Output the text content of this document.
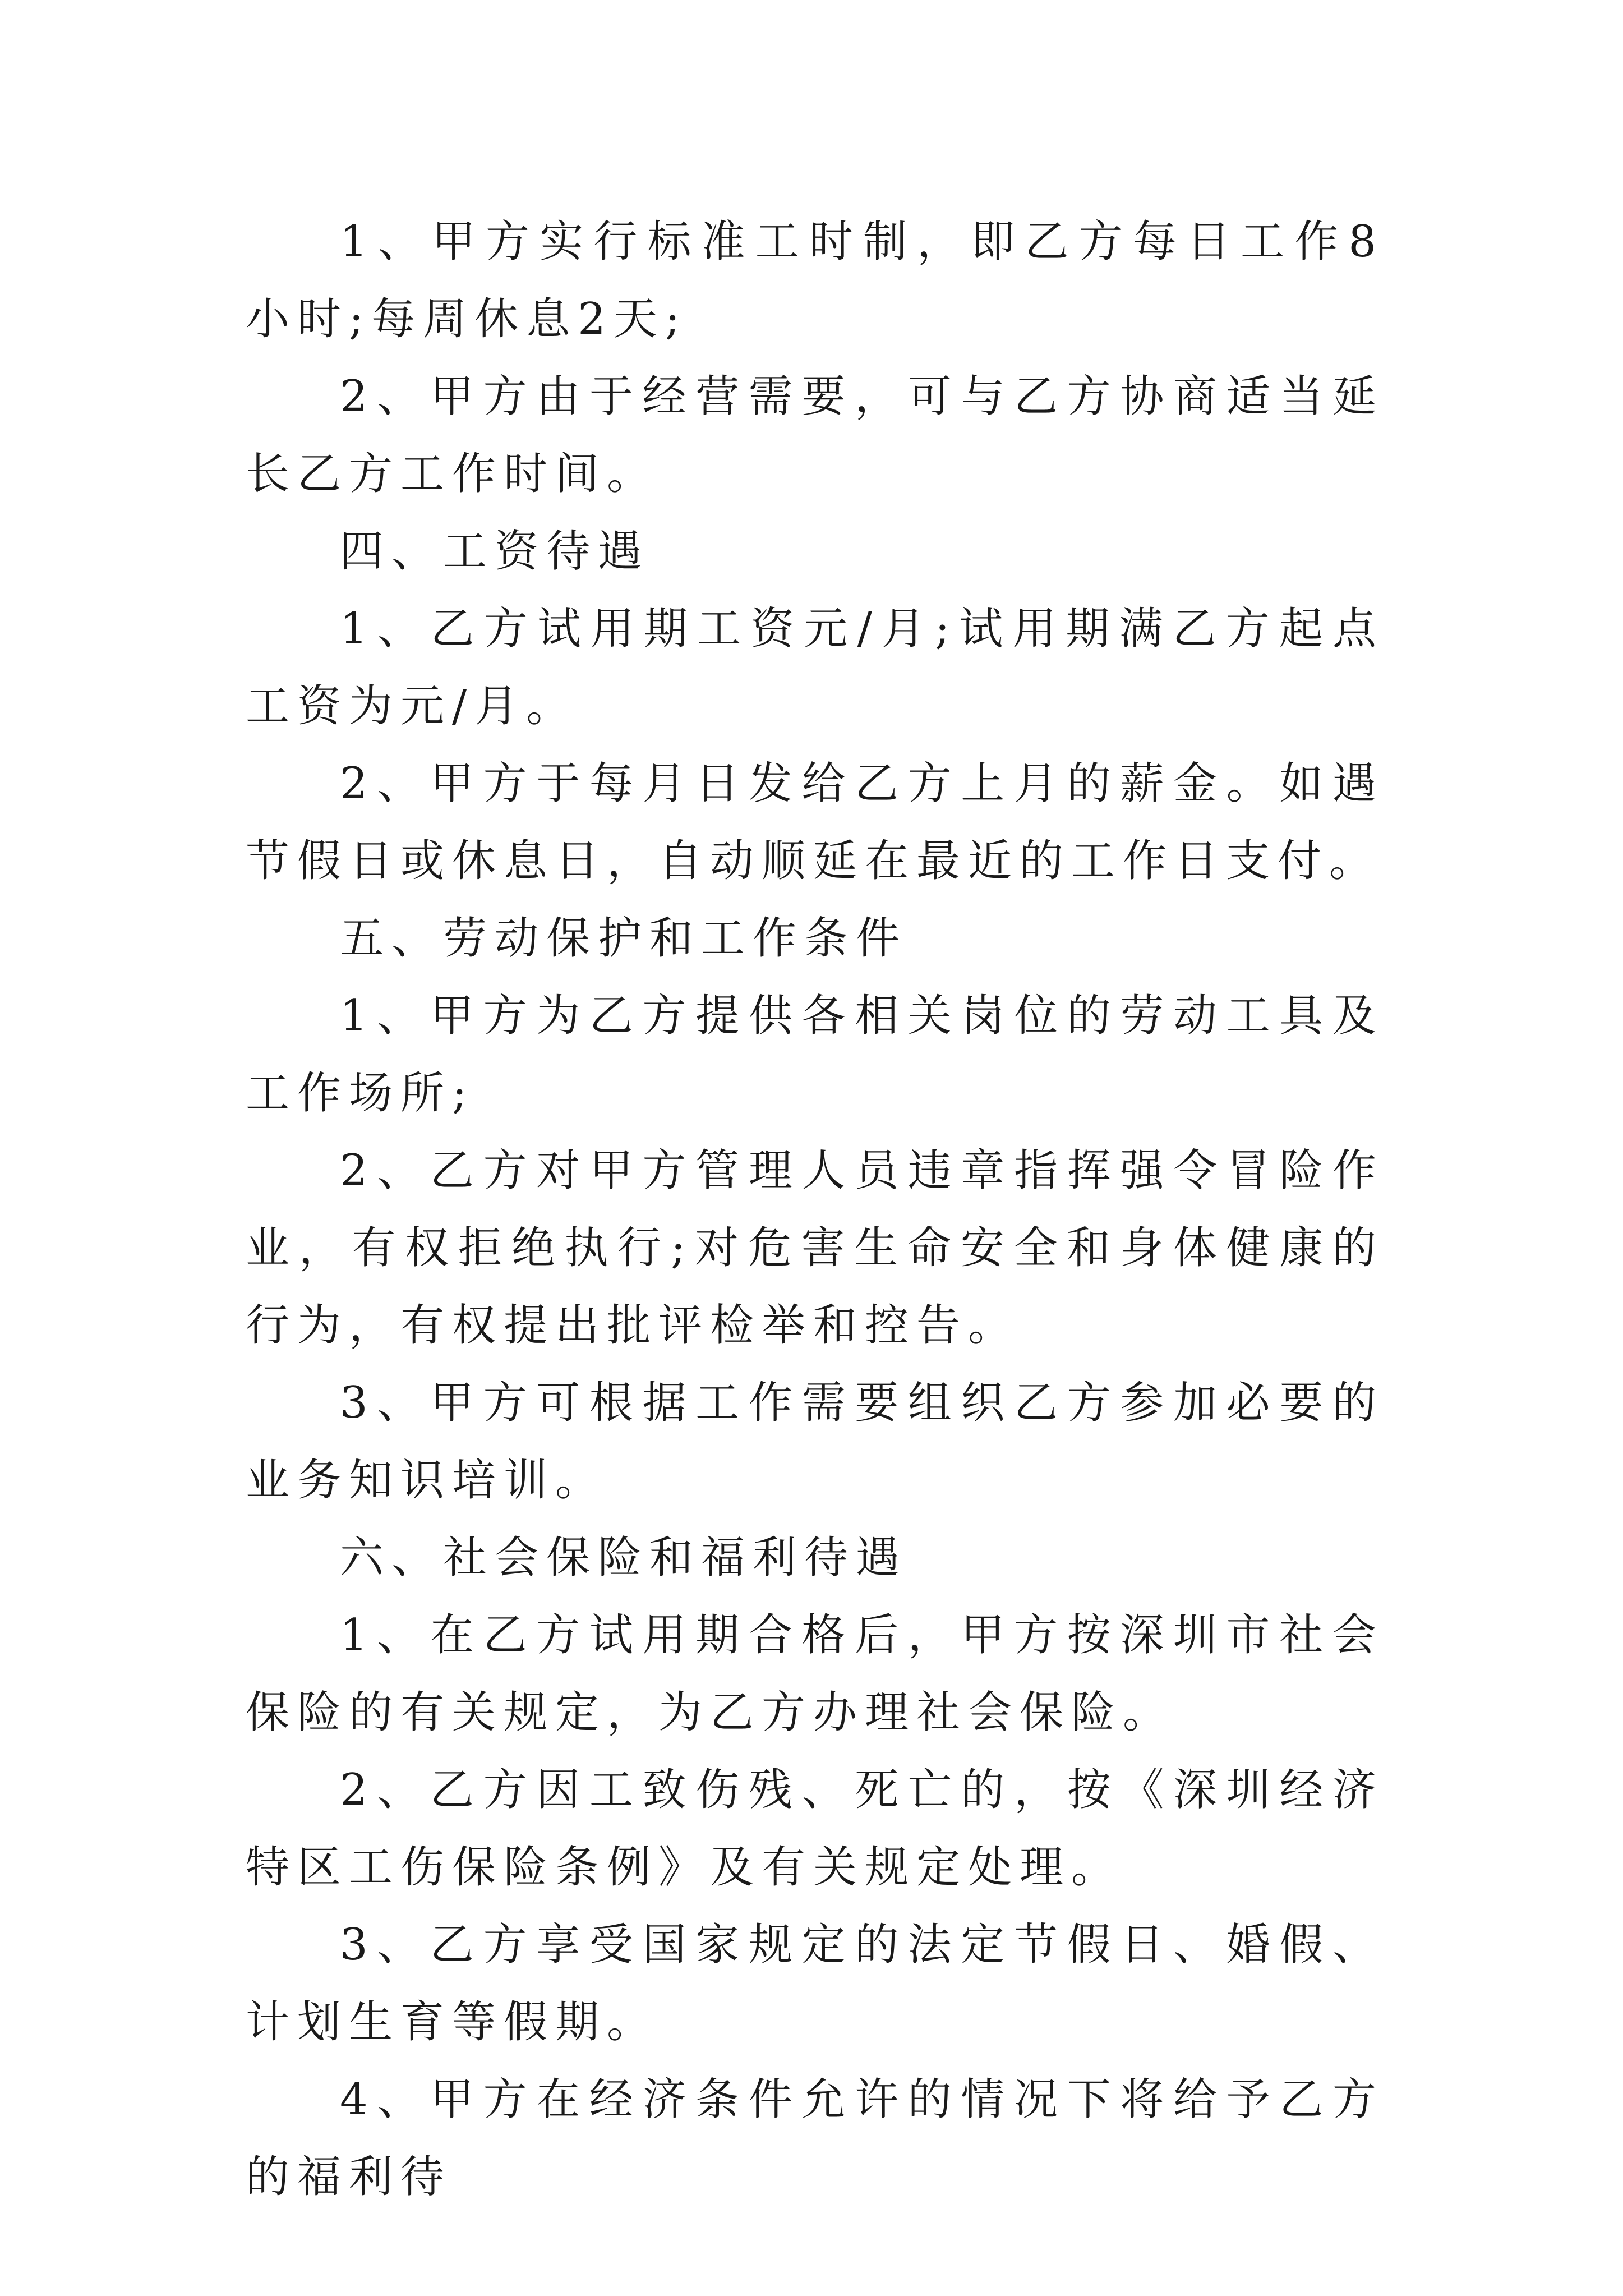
1、甲方实行标准工时制，即乙方每日工作8小时;每周休息2天;

2、甲方由于经营需要，可与乙方协商适当延长乙方工作时间。

四、工资待遇

1、乙方试用期工资元/月;试用期满乙方起点工资为元/月。

2、甲方于每月日发给乙方上月的薪金。如遇节假日或休息日，自动顺延在最近的工作日支付。

五、劳动保护和工作条件

1、甲方为乙方提供各相关岗位的劳动工具及工作场所;

2、乙方对甲方管理人员违章指挥强令冒险作业，有权拒绝执行;对危害生命安全和身体健康的行为，有权提出批评检举和控告。

3、甲方可根据工作需要组织乙方参加必要的业务知识培训。

六、社会保险和福利待遇

1、在乙方试用期合格后，甲方按深圳市社会保险的有关规定，为乙方办理社会保险。

2、乙方因工致伤残、死亡的，按《深圳经济特区工伤保险条例》及有关规定处理。

3、乙方享受国家规定的法定节假日、婚假、计划生育等假期。

4、甲方在经济条件允许的情况下将给予乙方的福利待
